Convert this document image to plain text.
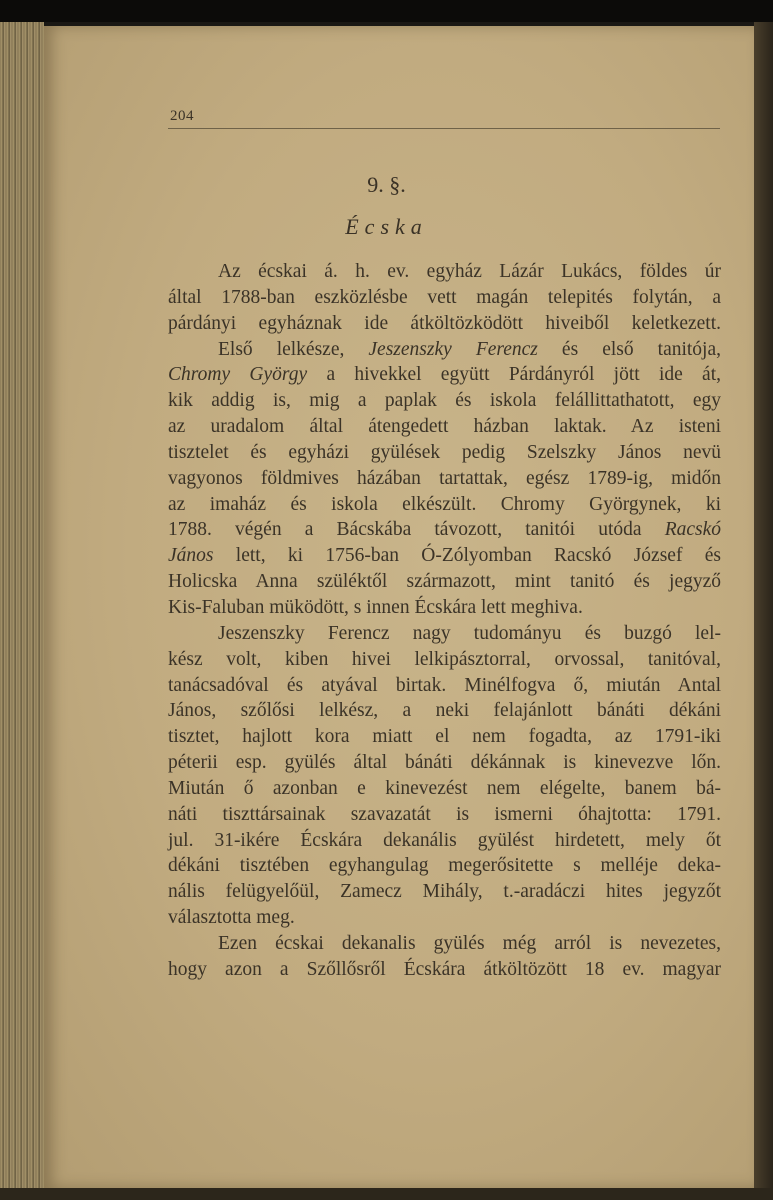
204
9. §.
Écska
Az écskai á. h. ev. egyház Lázár Lukács, földes úr
által 1788-ban eszközlésbe vett magán telepités folytán, a
párdányi egyháznak ide átköltözködött hiveiből keletkezett.
Első lelkésze, Jeszenszky Ferencz és első tanitója,
Chromy György a hivekkel együtt Párdányról jött ide át,
kik addig is, mig a paplak és iskola felállittathatott, egy
az uradalom által átengedett házban laktak. Az isteni
tisztelet és egyházi gyülések pedig Szelszky János nevü
vagyonos földmives házában tartattak, egész 1789-ig, midőn
az imaház és iskola elkészült. Chromy Györgynek, ki
1788. végén a Bácskába távozott, tanitói utóda Racskó
János lett, ki 1756-ban Ó-Zólyomban Racskó József és
Holicska Anna szüléktől származott, mint tanitó és jegyző
Kis-Faluban müködött, s innen Écskára lett meghiva.
Jeszenszky Ferencz nagy tudományu és buzgó lel-
kész volt, kiben hivei lelkipásztorral, orvossal, tanitóval,
tanácsadóval és atyával birtak. Minélfogva ő, miután Antal
János, szőlősi lelkész, a neki felajánlott bánáti dékáni
tisztet, hajlott kora miatt el nem fogadta, az 1791-iki
péterii esp. gyülés által bánáti dékánnak is kinevezve lőn.
Miután ő azonban e kinevezést nem elégelte, banem bá-
náti tiszttársainak szavazatát is ismerni óhajtotta: 1791.
jul. 31-ikére Écskára dekanális gyülést hirdetett, mely őt
dékáni tisztében egyhangulag megerősitette s melléje deka-
nális felügyelőül, Zamecz Mihály, t.-aradáczi hites jegyzőt
választotta meg.
Ezen écskai dekanalis gyülés még arról is nevezetes,
hogy azon a Szőllősről Écskára átköltözött 18 ev. magyar
